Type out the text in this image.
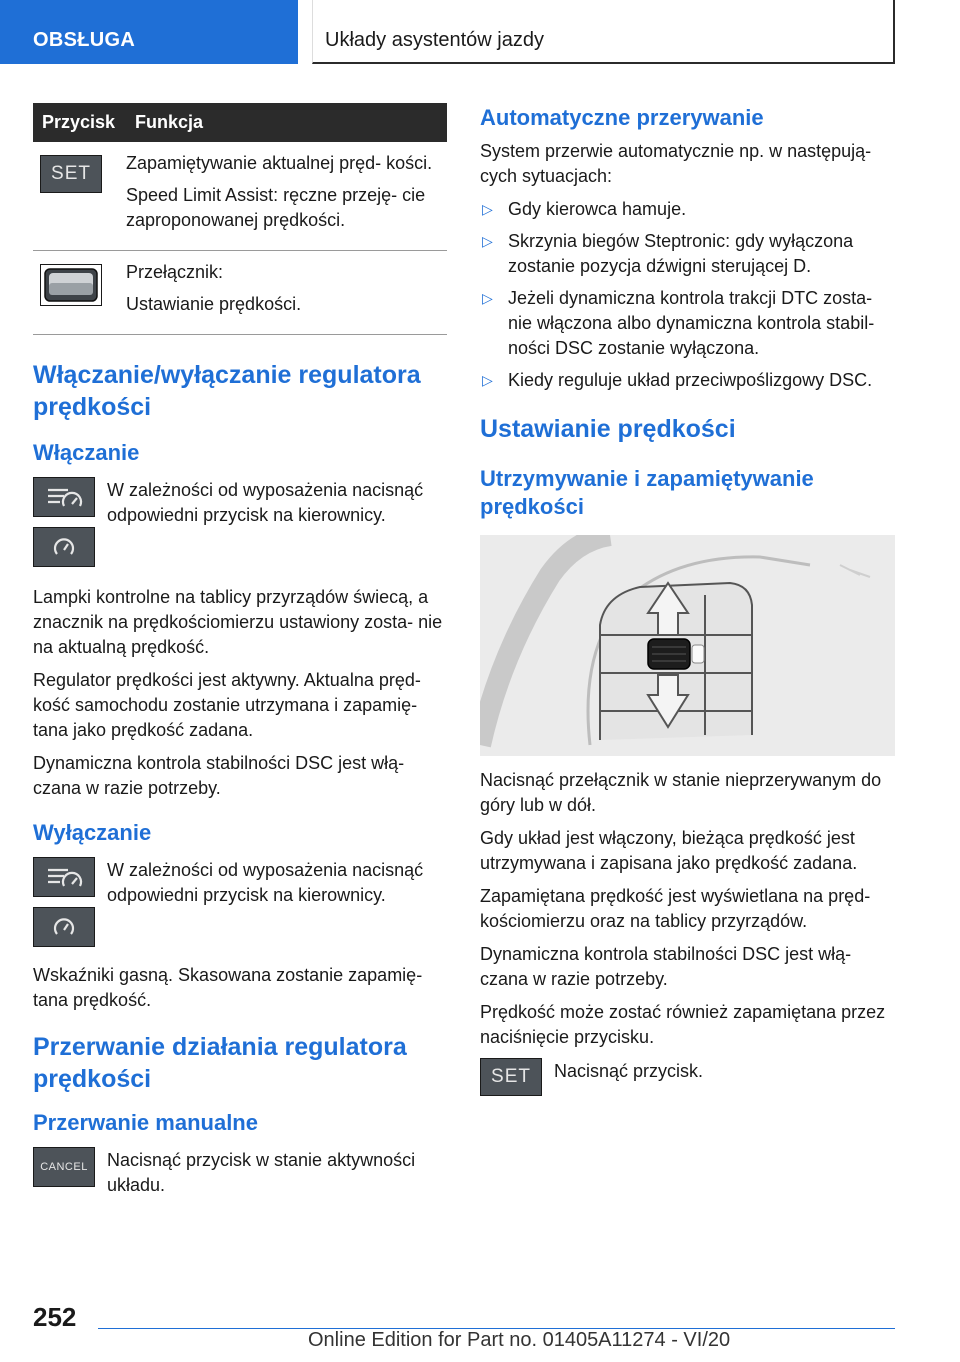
OBSŁUGA	Układy asystentów jazdy
Przycisk	Funkcja

SET	Zapamiętywanie aktualnej pręd- kości.

Speed Limit Assist: ręczne przeję- cie zaproponowanej prędkości.

Przełącznik:

Ustawianie prędkości.

Włączanie/wyłączanie regulatora prędkości
Włączanie
W zależności od wyposażenia nacisnąć odpowiedni przycisk na kierownicy.

Lampki kontrolne na tablicy przyrządów świecą, a znacznik na prędkościomierzu ustawiony zosta- nie na aktualną prędkość.

Regulator prędkości jest aktywny. Aktualna pręd- kość samochodu zostanie utrzymana i zapamię- tana jako prędkość zadana.

Dynamiczna kontrola stabilności DSC jest włą- czana w razie potrzeby.

Wyłączanie
W zależności od wyposażenia nacisnąć odpowiedni przycisk na kierownicy.

Wskaźniki gasną. Skasowana zostanie zapamię- tana prędkość.

Przerwanie działania regulatora prędkości
Przerwanie manualne
CANCEL	Nacisnąć przycisk w stanie aktywności układu.
Automatyczne przerywanie

System przerwie automatycznie np. w następują- cych sytuacjach:

▷ Gdy kierowca hamuje.
▷ Skrzynia biegów Steptronic: gdy wyłączona zostanie pozycja dźwigni sterującej D.
▷ Jeżeli dynamiczna kontrola trakcji DTC zosta- nie włączona albo dynamiczna kontrola stabil- ności DSC zostanie wyłączona.
▷ Kiedy reguluje układ przeciwpoślizgowy DSC.
Ustawianie prędkości
Utrzymywanie i zapamiętywanie prędkości

Nacisnąć przełącznik w stanie nieprzerywanym do góry lub w dół.

Gdy układ jest włączony, bieżąca prędkość jest utrzymywana i zapisana jako prędkość zadana.

Zapamiętana prędkość jest wyświetlana na pręd- kościomierzu oraz na tablicy przyrządów.

Dynamiczna kontrola stabilności DSC jest włą- czana w razie potrzeby.

Prędkość może zostać również zapamiętana przez naciśnięcie przycisku.

SET	Nacisnąć przycisk.
252
Online Edition for Part no. 01405A11274 - VI/20
